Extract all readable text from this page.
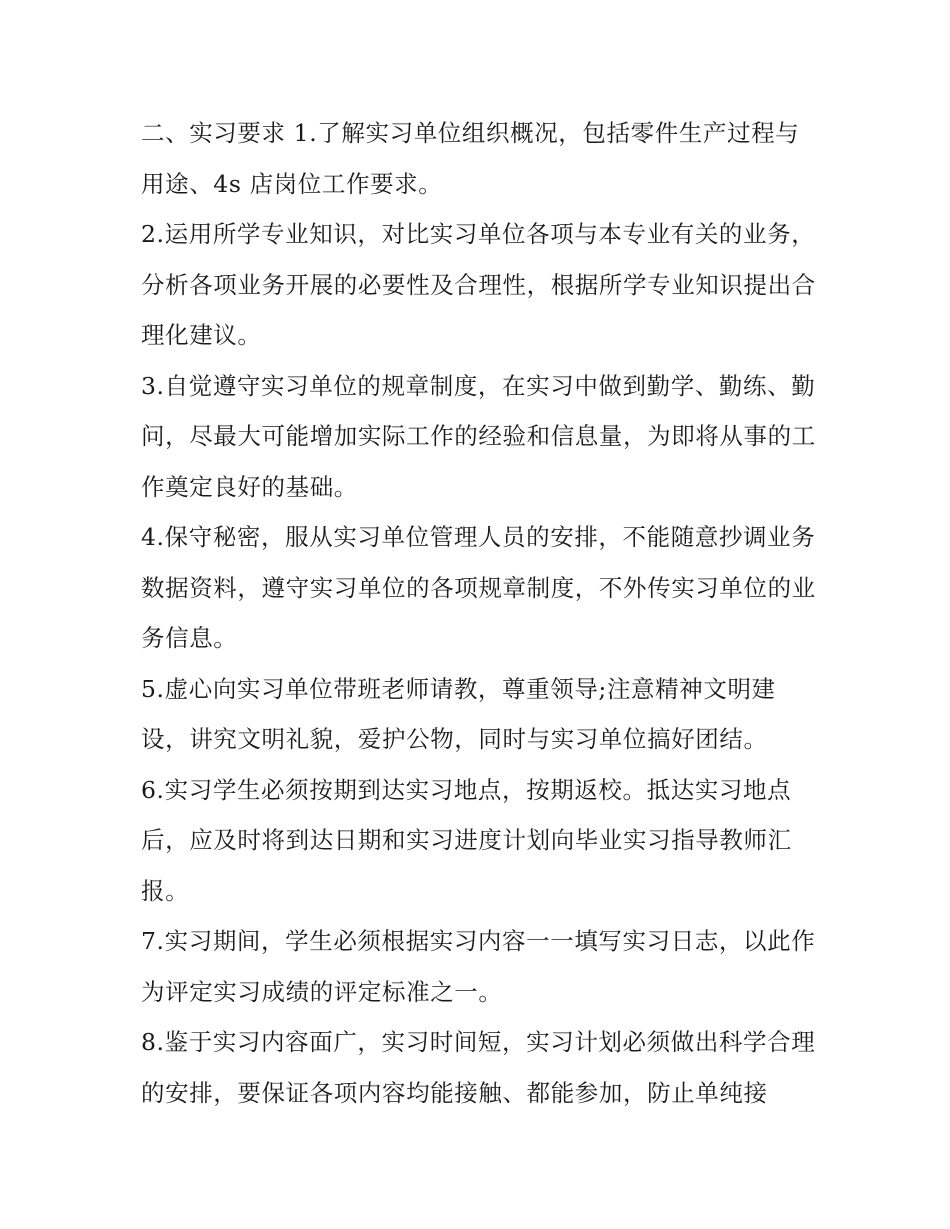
二、实习要求 1.了解实习单位组织概况，包括零件生产过程与用途、4s 店岗位工作要求。

2.运用所学专业知识，对比实习单位各项与本专业有关的业务，分析各项业务开展的必要性及合理性，根据所学专业知识提出合理化建议。

3.自觉遵守实习单位的规章制度，在实习中做到勤学、勤练、勤问，尽最大可能增加实际工作的经验和信息量，为即将从事的工作奠定良好的基础。

4.保守秘密，服从实习单位管理人员的安排，不能随意抄调业务数据资料，遵守实习单位的各项规章制度，不外传实习单位的业务信息。

5.虚心向实习单位带班老师请教，尊重领导;注意精神文明建设，讲究文明礼貌，爱护公物，同时与实习单位搞好团结。

6.实习学生必须按期到达实习地点，按期返校。抵达实习地点后，应及时将到达日期和实习进度计划向毕业实习指导教师汇报。

7.实习期间，学生必须根据实习内容一一填写实习日志，以此作为评定实习成绩的评定标准之一。

8.鉴于实习内容面广，实习时间短，实习计划必须做出科学合理的安排，要保证各项内容均能接触、都能参加，防止单纯接
